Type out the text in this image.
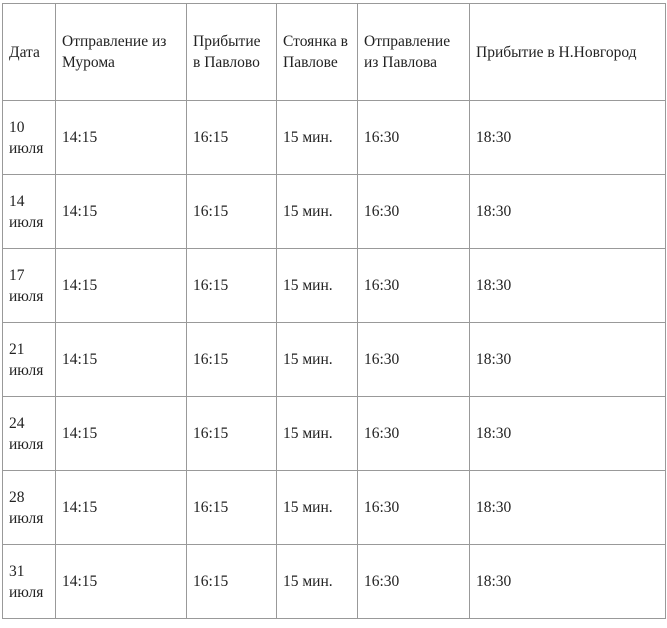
Дата	Отправление из Мурома	Прибытие в Павлово	Стоянка в Павлове	Отправление из Павлова	Прибытие в Н.Новгород
10 июля	14:15	16:15	15 мин.	16:30	18:30
14 июля	14:15	16:15	15 мин.	16:30	18:30
17 июля	14:15	16:15	15 мин.	16:30	18:30
21 июля	14:15	16:15	15 мин.	16:30	18:30
24 июля	14:15	16:15	15 мин.	16:30	18:30
28 июля	14:15	16:15	15 мин.	16:30	18:30
31 июля	14:15	16:15	15 мин.	16:30	18:30
